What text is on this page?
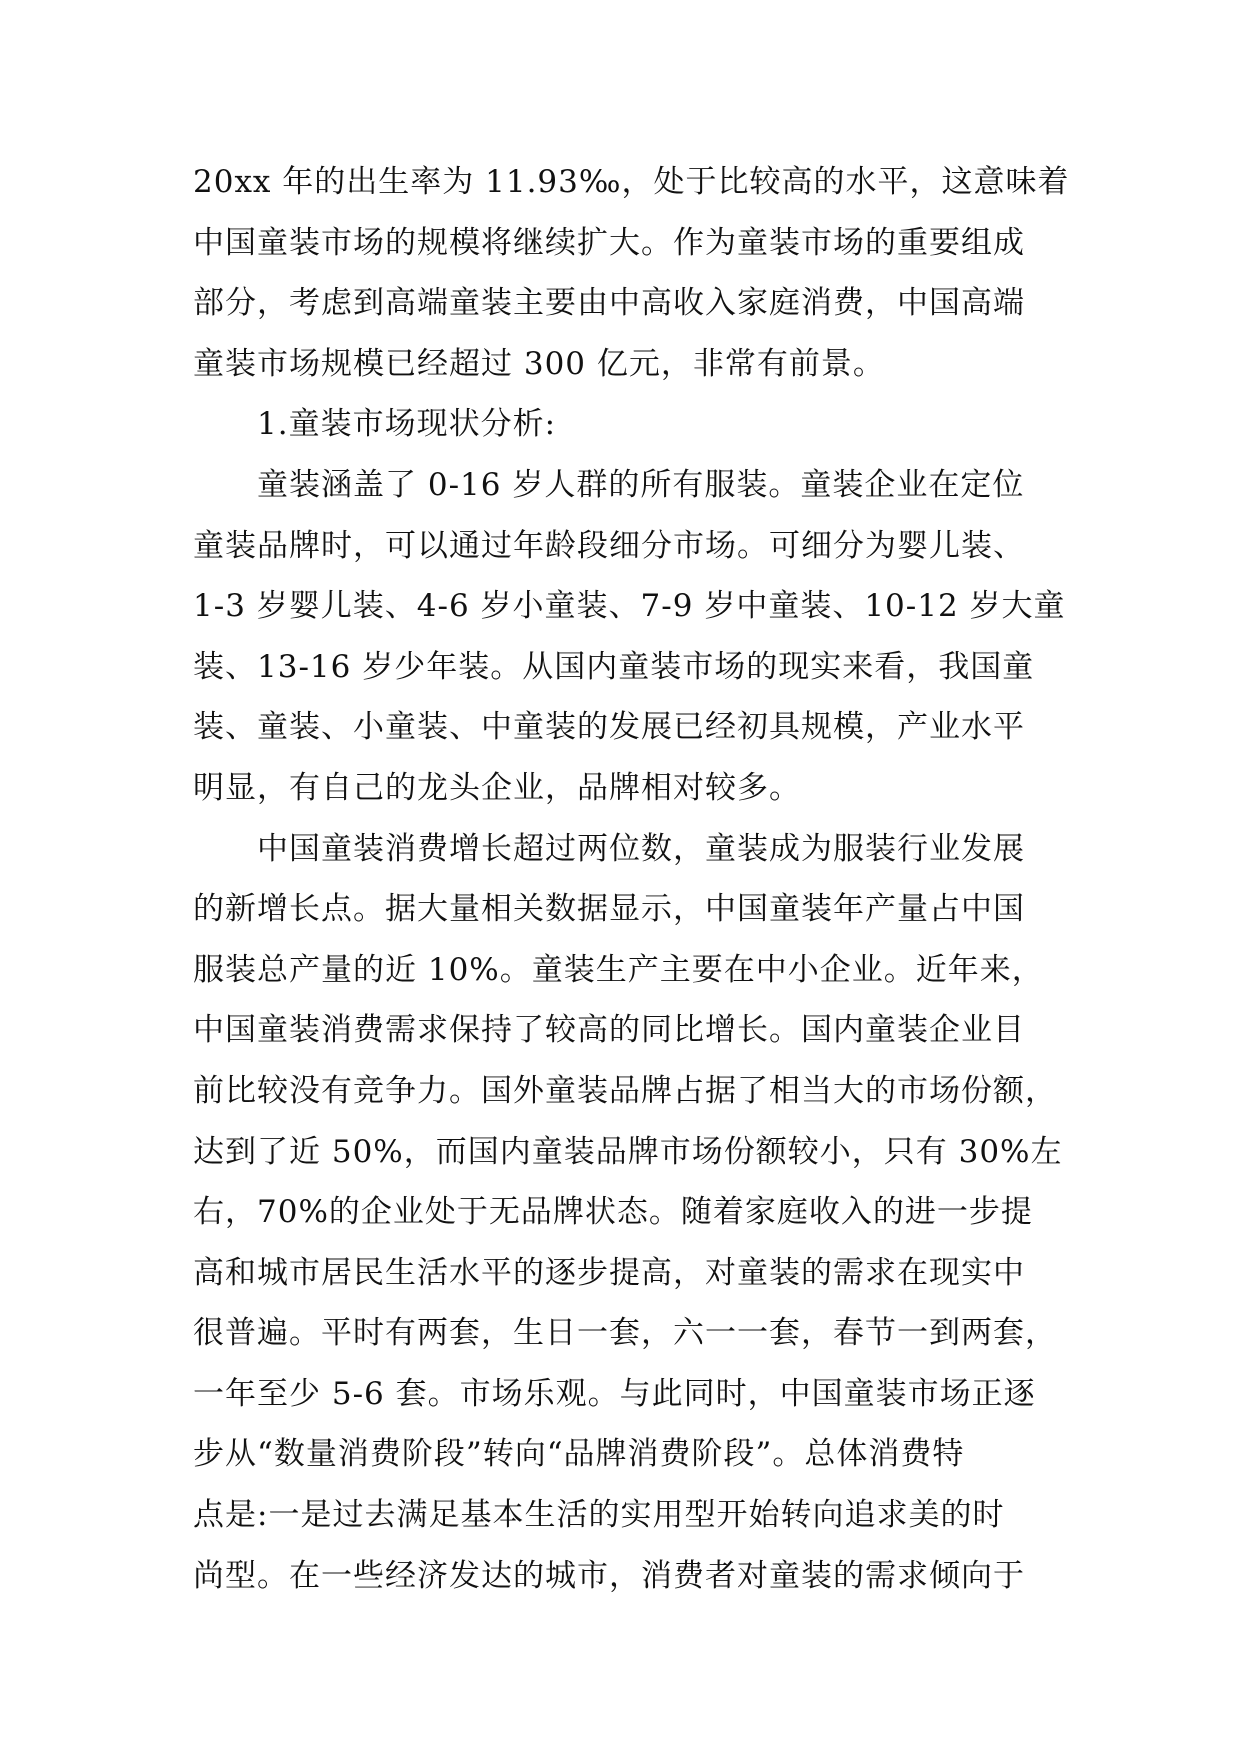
20xx 年的出生率为 11.93‰，处于比较高的水平，这意味着
中国童装市场的规模将继续扩大。作为童装市场的重要组成
部分，考虑到高端童装主要由中高收入家庭消费，中国高端
童装市场规模已经超过 300 亿元，非常有前景。
1.童装市场现状分析:
童装涵盖了 0-16 岁人群的所有服装。童装企业在定位
童装品牌时，可以通过年龄段细分市场。可细分为婴儿装、
1-3 岁婴儿装、4-6 岁小童装、7-9 岁中童装、10-12 岁大童
装、13-16 岁少年装。从国内童装市场的现实来看，我国童
装、童装、小童装、中童装的发展已经初具规模，产业水平
明显，有自己的龙头企业，品牌相对较多。
中国童装消费增长超过两位数，童装成为服装行业发展
的新增长点。据大量相关数据显示，中国童装年产量占中国
服装总产量的近 10%。童装生产主要在中小企业。近年来，
中国童装消费需求保持了较高的同比增长。国内童装企业目
前比较没有竞争力。国外童装品牌占据了相当大的市场份额，
达到了近 50%，而国内童装品牌市场份额较小，只有 30%左
右，70%的企业处于无品牌状态。随着家庭收入的进一步提
高和城市居民生活水平的逐步提高，对童装的需求在现实中
很普遍。平时有两套，生日一套，六一一套，春节一到两套，
一年至少 5-6 套。市场乐观。与此同时，中国童装市场正逐
步从“数量消费阶段”转向“品牌消费阶段”。总体消费特
点是:一是过去满足基本生活的实用型开始转向追求美的时
尚型。在一些经济发达的城市，消费者对童装的需求倾向于
